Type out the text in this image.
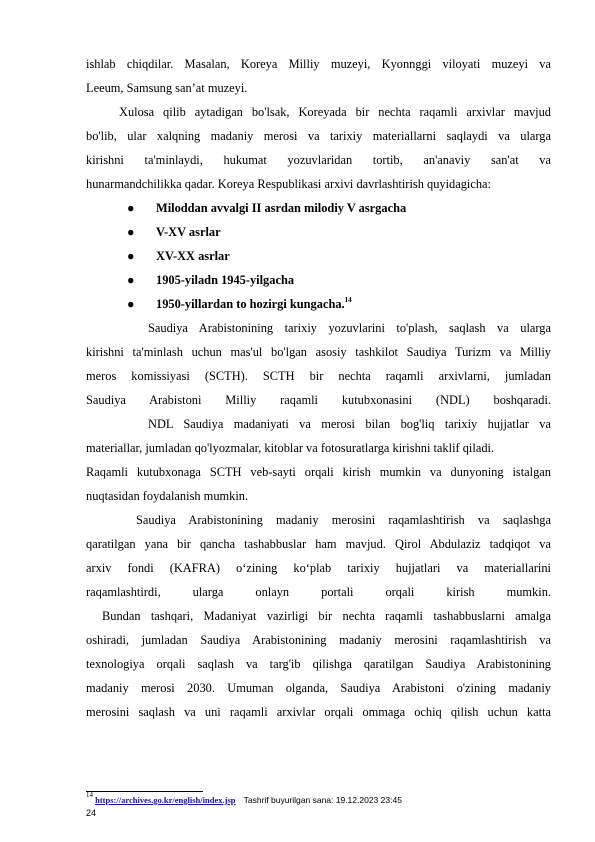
ishlab chiqdilar. Masalan, Koreya Milliy muzeyi, Kyonnggi viloyati muzeyi va
Leeum, Samsung san’at muzeyi.
Xulosa qilib aytadigan bo'lsak, Koreyada bir nechta raqamli arxivlar mavjud
bo'lib, ular xalqning madaniy merosi va tarixiy materiallarni saqlaydi va ularga
kirishni ta'minlaydi, hukumat yozuvlaridan tortib, an'anaviy san'at va
hunarmandchilikka qadar. Koreya Respublikasi arxivi davrlashtirish quyidagicha:
● Miloddan avvalgi II asrdan milodiy V asrgacha
● V-XV asrlar
● XV-XX asrlar
● 1905-yiladn 1945-yilgacha
● 1950-yillardan to hozirgi kungacha.$^{14}$
Saudiya Arabistonining tarixiy yozuvlarini to'plash, saqlash va ularga
kirishni ta'minlash uchun mas'ul bo'lgan asosiy tashkilot Saudiya Turizm va Milliy
meros komissiyasi (SCTH). SCTH bir nechta raqamli arxivlarni, jumladan
Saudiya Arabistoni Milliy raqamli kutubxonasini (NDL) boshqaradi.
NDL Saudiya madaniyati va merosi bilan bog'liq tarixiy hujjatlar va
materiallar, jumladan qo'lyozmalar, kitoblar va fotosuratlarga kirishni taklif qiladi.
Raqamli kutubxonaga SCTH veb-sayti orqali kirish mumkin va dunyoning istalgan
nuqtasidan foydalanish mumkin.
Saudiya Arabistonining madaniy merosini raqamlashtirish va saqlashga
qaratilgan yana bir qancha tashabbuslar ham mavjud. Qirol Abdulaziz tadqiqot va
arxiv fondi (KAFRA) o‘zining ko‘plab tarixiy hujjatlari va materiallarini
raqamlashtirdi, ularga onlayn portali orqali kirish mumkin.
Bundan tashqari, Madaniyat vazirligi bir nechta raqamli tashabbuslarni amalga
oshiradi, jumladan Saudiya Arabistonining madaniy merosini raqamlashtirish va
texnologiya orqali saqlash va targ'ib qilishga qaratilgan Saudiya Arabistonining
madaniy merosi 2030. Umuman olganda, Saudiya Arabistoni o'zining madaniy
merosini saqlash va uni raqamli arxivlar orqali ommaga ochiq qilish uchun katta
$^{14}$ https://archives.go.kr/english/index.jsp Tashrif buyurilgan sana: 19.12.2023 23:45
24
